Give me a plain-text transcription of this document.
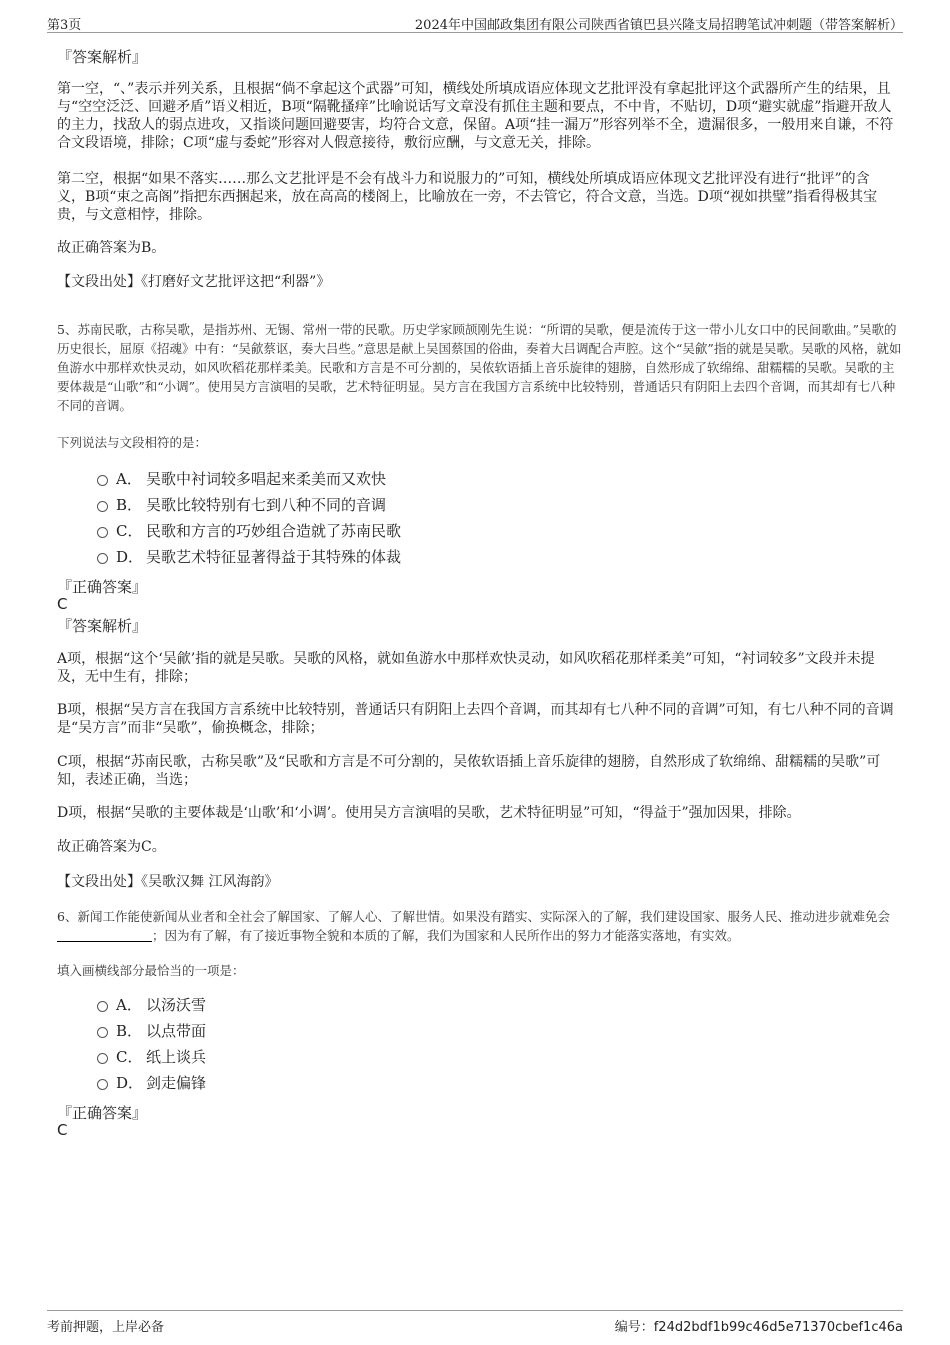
第3页	2024年中国邮政集团有限公司陕西省镇巴县兴隆支局招聘笔试冲刺题（带答案解析）
『答案解析』
第一空，“、”表示并列关系，且根据“倘不拿起这个武器”可知，横线处所填成语应体现文艺批评没有拿起批评这个武器所产生的结果，且与“空空泛泛、回避矛盾”语义相近，B项“隔靴搔痒”比喻说话写文章没有抓住主题和要点，不中肯，不贴切，D项“避实就虚”指避开敌人的主力，找敌人的弱点进攻，又指谈问题回避要害，均符合文意，保留。A项“挂一漏万”形容列举不全，遗漏很多，一般用来自谦，不符合文段语境，排除；C项“虚与委蛇”形容对人假意接待，敷衍应酬，与文意无关，排除。
第二空，根据“如果不落实……那么文艺批评是不会有战斗力和说服力的”可知，横线处所填成语应体现文艺批评没有进行“批评”的含义，B项“束之高阁”指把东西捆起来，放在高高的楼阁上，比喻放在一旁，不去管它，符合文意，当选。D项“视如拱璧”指看得极其宝贵，与文意相悖，排除。
故正确答案为B。
【文段出处】《打磨好文艺批评这把“利器”》
5、苏南民歌，古称吴歌，是指苏州、无锡、常州一带的民歌。历史学家顾颉刚先生说：“所谓的吴歌，便是流传于这一带小儿女口中的民间歌曲。”吴歌的历史很长，屈原《招魂》中有：“吴歈蔡讴，奏大吕些。”意思是献上吴国蔡国的俗曲，奏着大吕调配合声腔。这个“吴歈”指的就是吴歌。吴歌的风格，就如鱼游水中那样欢快灵动，如风吹稻花那样柔美。民歌和方言是不可分割的，吴侬软语插上音乐旋律的翅膀，自然形成了软绵绵、甜糯糯的吴歌。吴歌的主要体裁是“山歌”和“小调”。使用吴方言演唱的吴歌，艺术特征明显。吴方言在我国方言系统中比较特别，普通话只有阴阳上去四个音调，而其却有七八种不同的音调。
下列说法与文段相符的是：
A． 吴歌中衬词较多唱起来柔美而又欢快
B． 吴歌比较特别有七到八种不同的音调
C． 民歌和方言的巧妙组合造就了苏南民歌
D． 吴歌艺术特征显著得益于其特殊的体裁
『正确答案』
C
『答案解析』
A项，根据“这个‘吴歈’指的就是吴歌。吴歌的风格，就如鱼游水中那样欢快灵动，如风吹稻花那样柔美”可知，“衬词较多”文段并未提及，无中生有，排除；
B项，根据“吴方言在我国方言系统中比较特别，普通话只有阴阳上去四个音调，而其却有七八种不同的音调”可知，有七八种不同的音调是“吴方言”而非“吴歌”，偷换概念，排除；
C项，根据“苏南民歌，古称吴歌”及“民歌和方言是不可分割的，吴侬软语插上音乐旋律的翅膀，自然形成了软绵绵、甜糯糯的吴歌”可知，表述正确，当选；
D项，根据“吴歌的主要体裁是‘山歌’和‘小调’。使用吴方言演唱的吴歌，艺术特征明显”可知，“得益于”强加因果，排除。
故正确答案为C。
【文段出处】《吴歌汉舞 江风海韵》
6、新闻工作能使新闻从业者和全社会了解国家、了解人心、了解世情。如果没有踏实、实际深入的了解，我们建设国家、服务人民、推动进步就难免会 ；因为有了解，有了接近事物全貌和本质的了解，我们为国家和人民所作出的努力才能落实落地，有实效。
填入画横线部分最恰当的一项是：
A． 以汤沃雪
B． 以点带面
C． 纸上谈兵
D． 剑走偏锋
『正确答案』
C
考前押题，上岸必备	编号：f24d2bdf1b99c46d5e71370cbef1c46a
